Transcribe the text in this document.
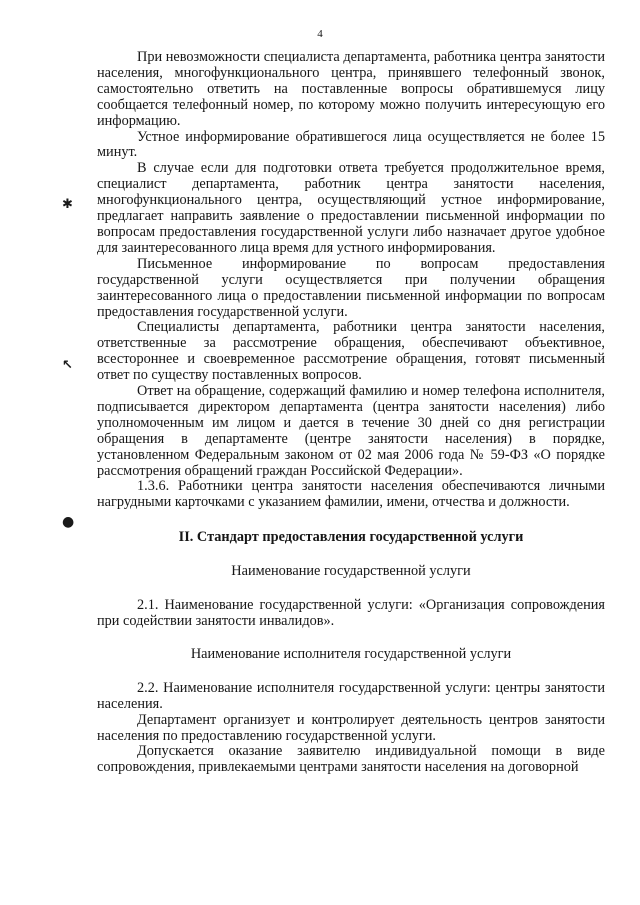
4
✱
↖
●

При невозможности специалиста департамента, работника центра занятости населения, многофункционального центра, принявшего телефонный звонок, самостоятельно ответить на поставленные вопросы обратившемуся лицу сообщается телефонный номер, по которому можно получить интересующую его информацию.

Устное информирование обратившегося лица осуществляется не более 15 минут.

В случае если для подготовки ответа требуется продолжительное время, специалист департамента, работник центра занятости населения, многофункционального центра, осуществляющий устное информирование, предлагает направить заявление о предоставлении письменной информации по вопросам предоставления государственной услуги либо назначает другое удобное для заинтересованного лица время для устного информирования.

Письменное информирование по вопросам предоставления государственной услуги осуществляется при получении обращения заинтересованного лица о предоставлении письменной информации по вопросам предоставления государственной услуги.

Специалисты департамента, работники центра занятости населения, ответственные за рассмотрение обращения, обеспечивают объективное, всестороннее и своевременное рассмотрение обращения, готовят письменный ответ по существу поставленных вопросов.

Ответ на обращение, содержащий фамилию и номер телефона исполнителя, подписывается директором департамента (центра занятости населения) либо уполномоченным им лицом и дается в течение 30 дней со дня регистрации обращения в департаменте (центре занятости населения) в порядке, установленном Федеральным законом от 02 мая 2006 года № 59-ФЗ «О порядке рассмотрения обращений граждан Российской Федерации».

1.3.6. Работники центра занятости населения обеспечиваются личными нагрудными карточками с указанием фамилии, имени, отчества и должности.

II. Стандарт предоставления государственной услуги
Наименование государственной услуги

2.1. Наименование государственной услуги: «Организация сопровождения при содействии занятости инвалидов».

Наименование исполнителя государственной услуги

2.2. Наименование исполнителя государственной услуги: центры занятости населения.

Департамент организует и контролирует деятельность центров занятости населения по предоставлению государственной услуги.

Допускается оказание заявителю индивидуальной помощи в виде сопровождения, привлекаемыми центрами занятости населения на договорной
